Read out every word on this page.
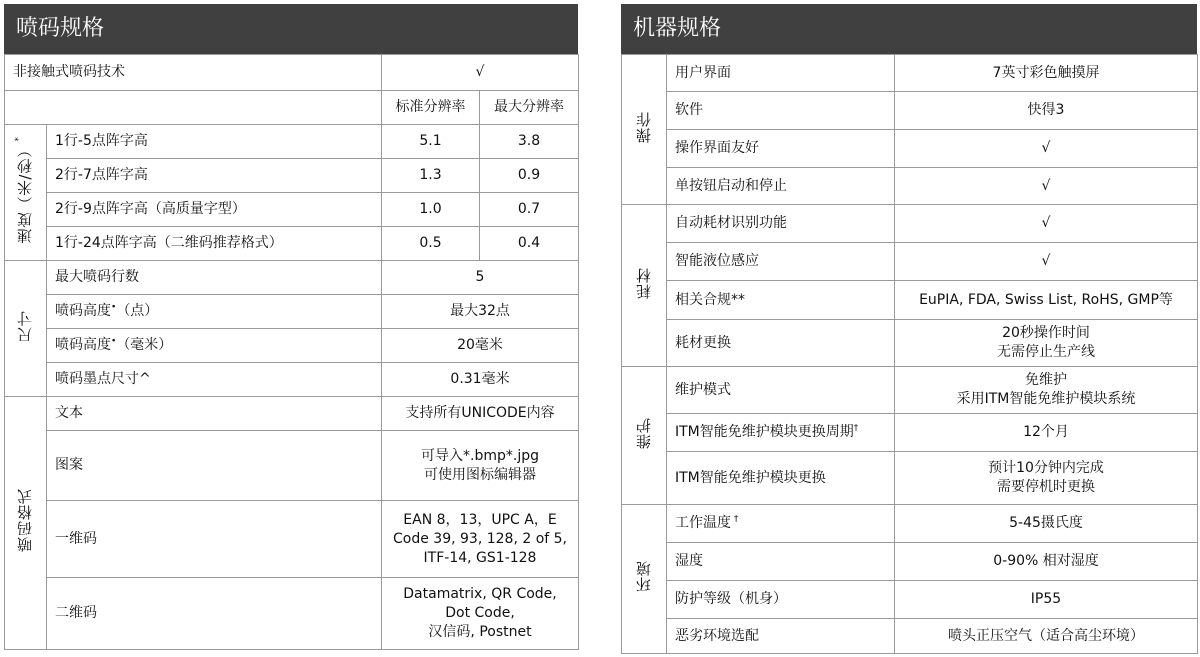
喷码规格
非接触式喷码技术		√	
		标准分辨率	最大分辨率
速度（米/秒）*	1行-5点阵字高	5.1	3.8
	2行-7点阵字高	1.3	0.9
	2行-9点阵字高（高质量字型）	1.0	0.7
	1行-24点阵字高（二维码推荐格式）	0.5	0.4
尺寸	最大喷码行数	5	
	喷码高度•（点）	最大32点	
	喷码高度•（毫米）	20毫米	
	喷码墨点尺寸^	0.31毫米	
喷码格式	文本	支持所有UNICODE内容	
	图案	可导入*.bmp*.jpg
可使用图标编辑器	
	一维码	EAN 8，13，UPC A，E
Code 39, 93, 128, 2 of 5,
ITF-14, GS1-128	
	二维码	Datamatrix, QR Code,
Dot Code,
汉信码, Postnet	
机器规格
操作	用户界面	7英寸彩色触摸屏
	软件	快得3
	操作界面友好	√
	单按钮启动和停止	√
耗材	自动耗材识别功能	√
	智能液位感应	√
	相关合规**	EuPIA, FDA, Swiss List, RoHS, GMP等
	耗材更换	20秒操作时间
无需停止生产线
维护	维护模式	免维护
采用ITM智能免维护模块系统
	ITM智能免维护模块更换周期†	12个月
	ITM智能免维护模块更换	预计10分钟内完成
需要停机时更换
环境	工作温度 †	5-45摄氏度
	湿度	0-90% 相对湿度
	防护等级（机身）	IP55
	恶劣环境选配	喷头正压空气（适合高尘环境）
